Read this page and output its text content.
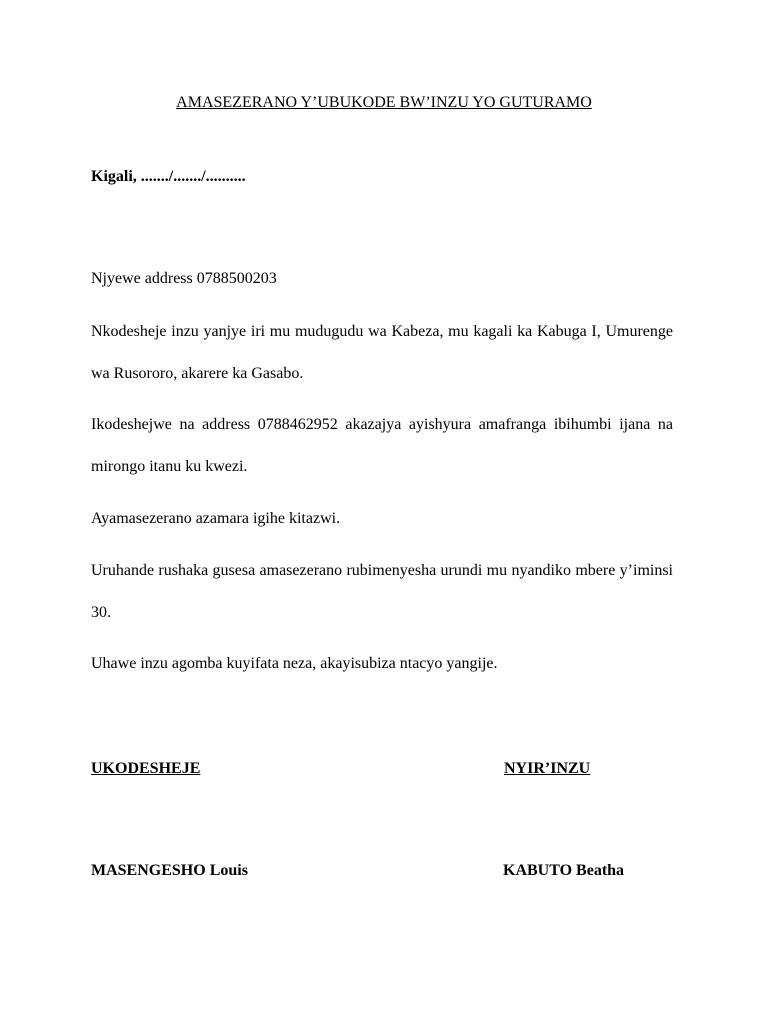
AMASEZERANO Y’UBUKODE BW’INZU YO GUTURAMO
Kigali, ......./......./..........

Njyewe address 0788500203

Nkodesheje inzu yanjye iri mu mudugudu wa Kabeza, mu kagali ka Kabuga I, Umurenge wa Rusororo, akarere ka Gasabo.

Ikodeshejwe na address 0788462952 akazajya ayishyura amafranga ibihumbi ijana na mirongo itanu ku kwezi.

Ayamasezerano azamara igihe kitazwi.

Uruhande rushaka gusesa amasezerano rubimenyesha urundi mu nyandiko mbere y’iminsi 30.

Uhawe inzu agomba kuyifata neza, akayisubiza ntacyo yangije.

UKODESHEJE	NYIR’INZU
MASENGESHO Louis	KABUTO Beatha
